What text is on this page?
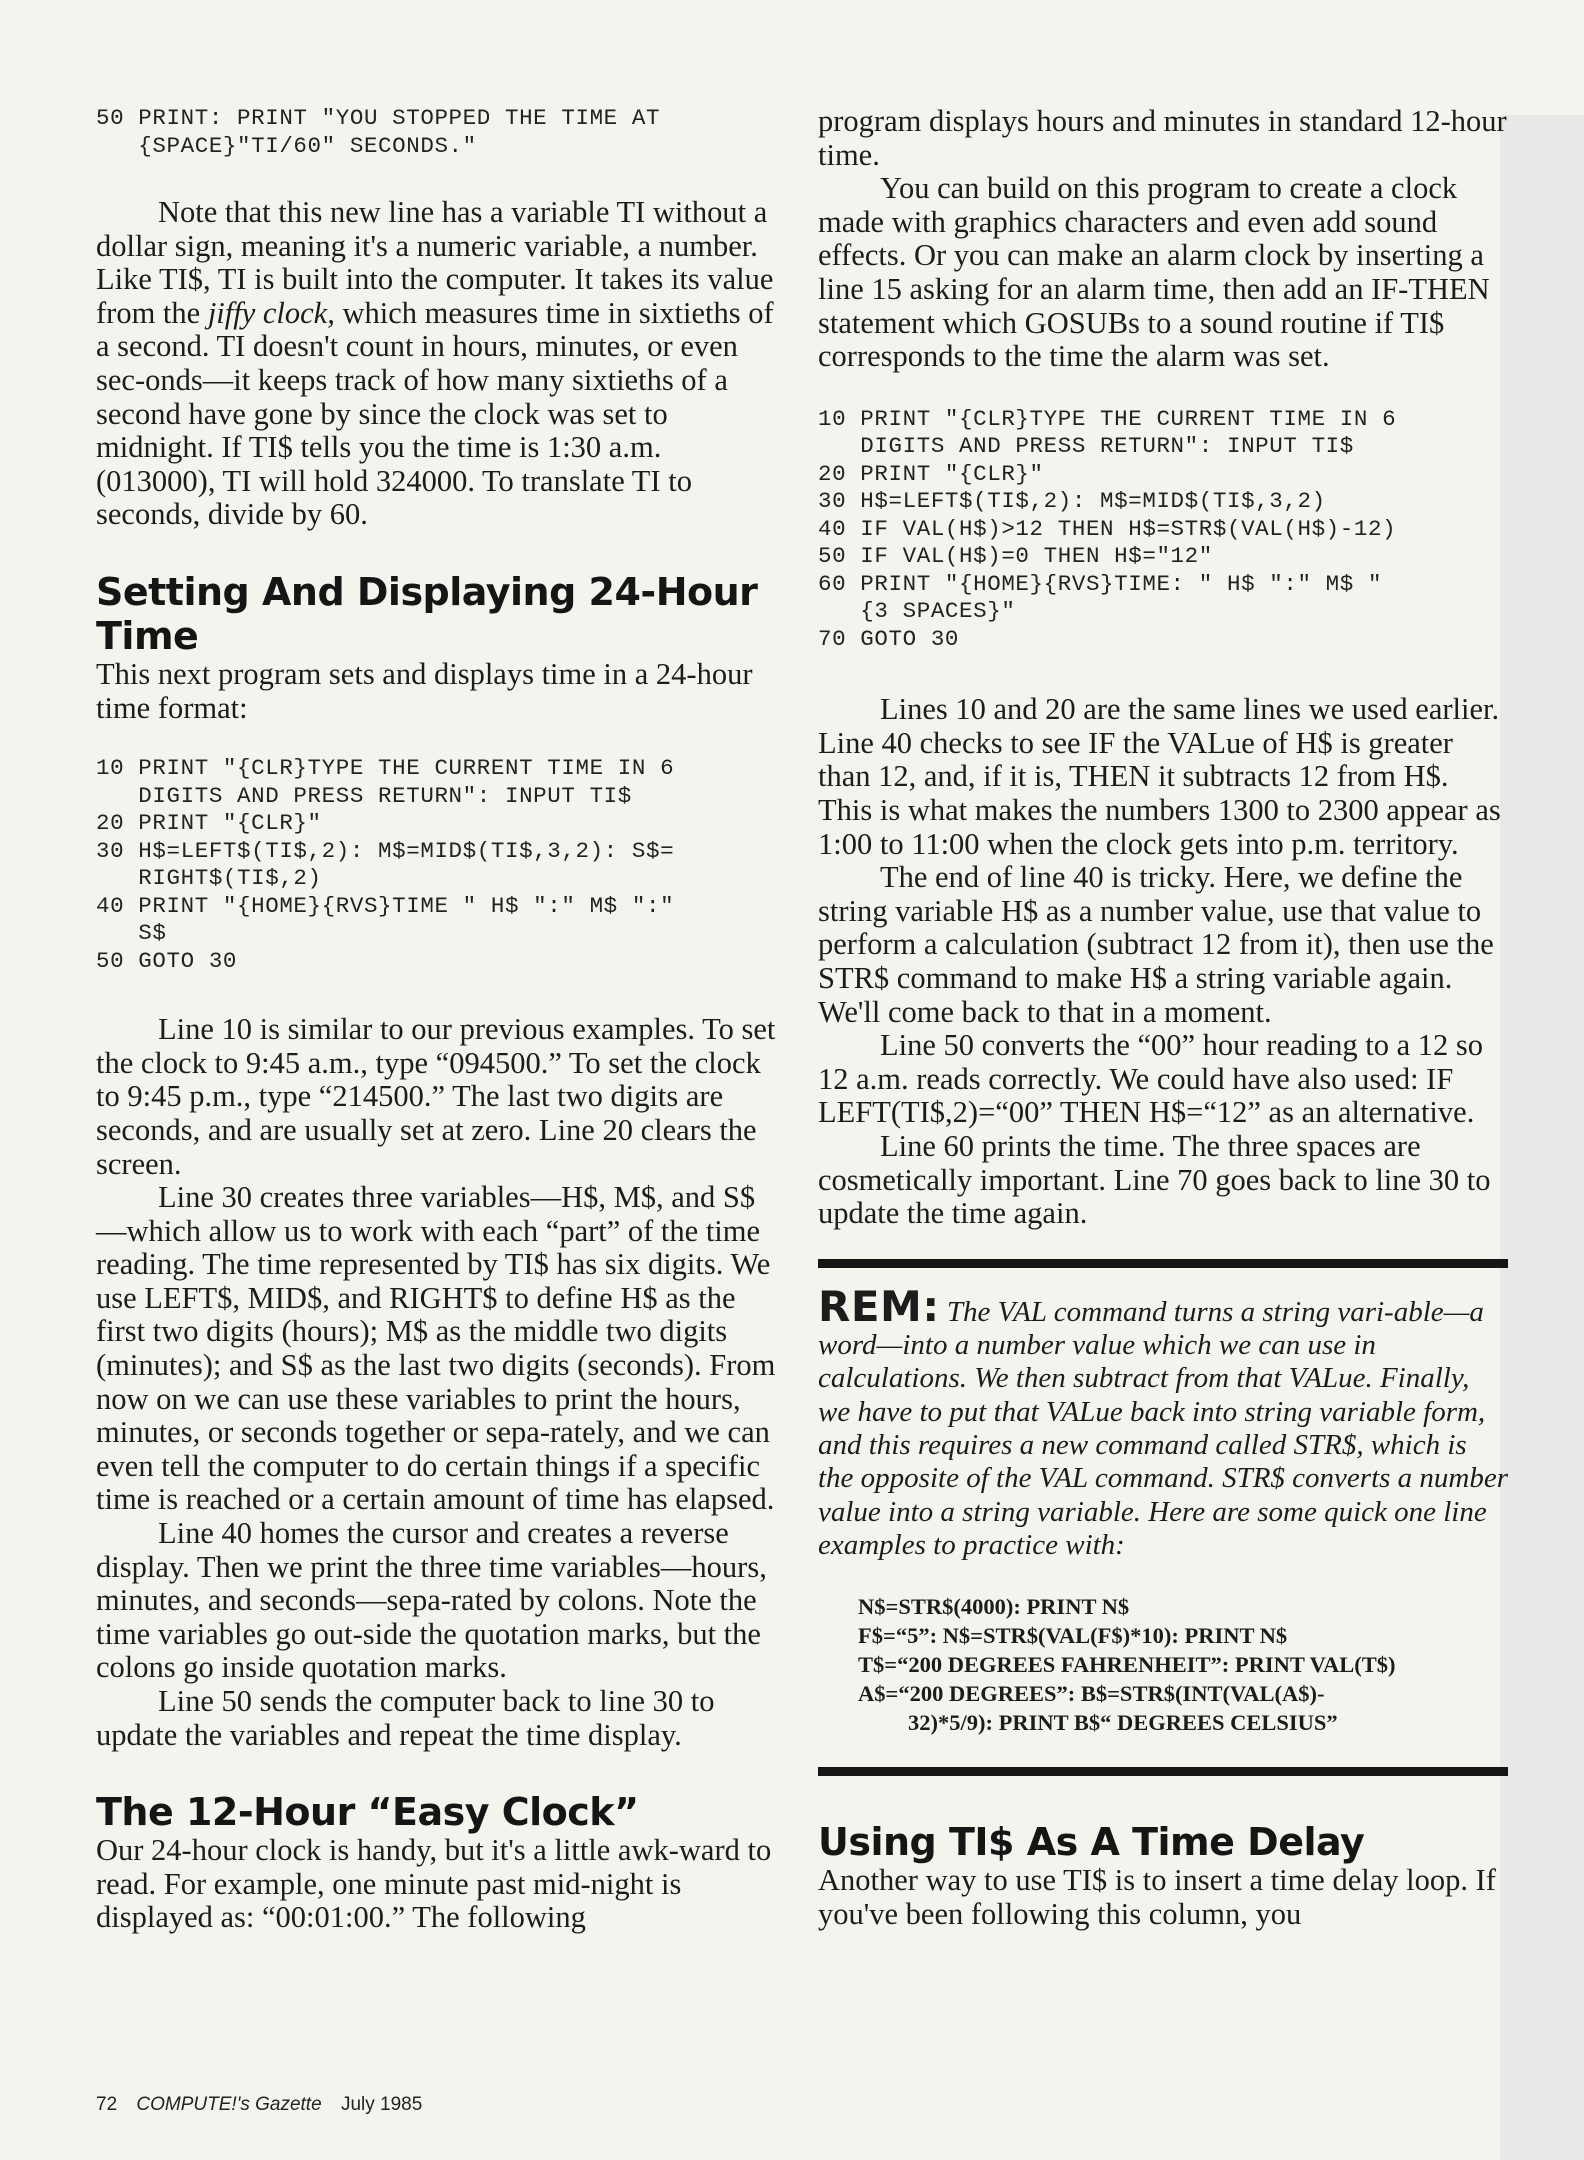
50 PRINT: PRINT "YOU STOPPED THE TIME AT
{SPACE}"TI/60" SECONDS."

Note that this new line has a variable TI without a dollar sign, meaning it's a numeric variable, a number. Like TI$, TI is built into the computer. It takes its value from the jiffy clock, which measures time in sixtieths of a second. TI doesn't count in hours, minutes, or even sec-onds—it keeps track of how many sixtieths of a second have gone by since the clock was set to midnight. If TI$ tells you the time is 1:30 a.m. (013000), TI will hold 324000. To translate TI to seconds, divide by 60.

Setting And Displaying 24-Hour Time

This next program sets and displays time in a 24-hour time format:

10 PRINT "{CLR}TYPE THE CURRENT TIME IN 6
DIGITS AND PRESS RETURN": INPUT TI$
20 PRINT "{CLR}"
30 H$=LEFT$(TI$,2): M$=MID$(TI$,3,2): S$=
RIGHT$(TI$,2)
40 PRINT "{HOME}{RVS}TIME " H$ ":" M$ ":"
S$
50 GOTO 30

Line 10 is similar to our previous examples. To set the clock to 9:45 a.m., type “094500.” To set the clock to 9:45 p.m., type “214500.” The last two digits are seconds, and are usually set at zero. Line 20 clears the screen.

Line 30 creates three variables—H$, M$, and S$—which allow us to work with each “part” of the time reading. The time represented by TI$ has six digits. We use LEFT$, MID$, and RIGHT$ to define H$ as the first two digits (hours); M$ as the middle two digits (minutes); and S$ as the last two digits (seconds). From now on we can use these variables to print the hours, minutes, or seconds together or sepa-rately, and we can even tell the computer to do certain things if a specific time is reached or a certain amount of time has elapsed.

Line 40 homes the cursor and creates a reverse display. Then we print the three time variables—hours, minutes, and seconds—sepa-rated by colons. Note the time variables go out-side the quotation marks, but the colons go inside quotation marks.

Line 50 sends the computer back to line 30 to update the variables and repeat the time display.

The 12-Hour “Easy Clock”

Our 24-hour clock is handy, but it's a little awk-ward to read. For example, one minute past mid-night is displayed as: “00:01:00.” The following

program displays hours and minutes in standard 12-hour time.

You can build on this program to create a clock made with graphics characters and even add sound effects. Or you can make an alarm clock by inserting a line 15 asking for an alarm time, then add an IF-THEN statement which GOSUBs to a sound routine if TI$ corresponds to the time the alarm was set.

10 PRINT "{CLR}TYPE THE CURRENT TIME IN 6
DIGITS AND PRESS RETURN": INPUT TI$
20 PRINT "{CLR}"
30 H$=LEFT$(TI$,2): M$=MID$(TI$,3,2)
40 IF VAL(H$)>12 THEN H$=STR$(VAL(H$)-12)
50 IF VAL(H$)=0 THEN H$="12"
60 PRINT "{HOME}{RVS}TIME: " H$ ":" M$ "
{3 SPACES}"
70 GOTO 30

Lines 10 and 20 are the same lines we used earlier. Line 40 checks to see IF the VALue of H$ is greater than 12, and, if it is, THEN it subtracts 12 from H$. This is what makes the numbers 1300 to 2300 appear as 1:00 to 11:00 when the clock gets into p.m. territory.

The end of line 40 is tricky. Here, we define the string variable H$ as a number value, use that value to perform a calculation (subtract 12 from it), then use the STR$ command to make H$ a string variable again. We'll come back to that in a moment.

Line 50 converts the “00” hour reading to a 12 so 12 a.m. reads correctly. We could have also used: IF LEFT(TI$,2)=“00” THEN H$=“12” as an alternative.

Line 60 prints the time. The three spaces are cosmetically important. Line 70 goes back to line 30 to update the time again.

REM: The VAL command turns a string vari-able—a word—into a number value which we can use in calculations. We then subtract from that VALue. Finally, we have to put that VALue back into string variable form, and this requires a new command called STR$, which is the opposite of the VAL command. STR$ converts a number value into a string variable. Here are some quick one line examples to practice with:

N$=STR$(4000): PRINT N$
F$=“5”: N$=STR$(VAL(F$)*10): PRINT N$
T$=“200 DEGREES FAHRENHEIT”: PRINT VAL(T$)
A$=“200 DEGREES”: B$=STR$(INT(VAL(A$)-
32)*5/9): PRINT B$“ DEGREES CELSIUS”
Using TI$ As A Time Delay

Another way to use TI$ is to insert a time delay loop. If you've been following this column, you

72 COMPUTE!'s Gazette July 1985
